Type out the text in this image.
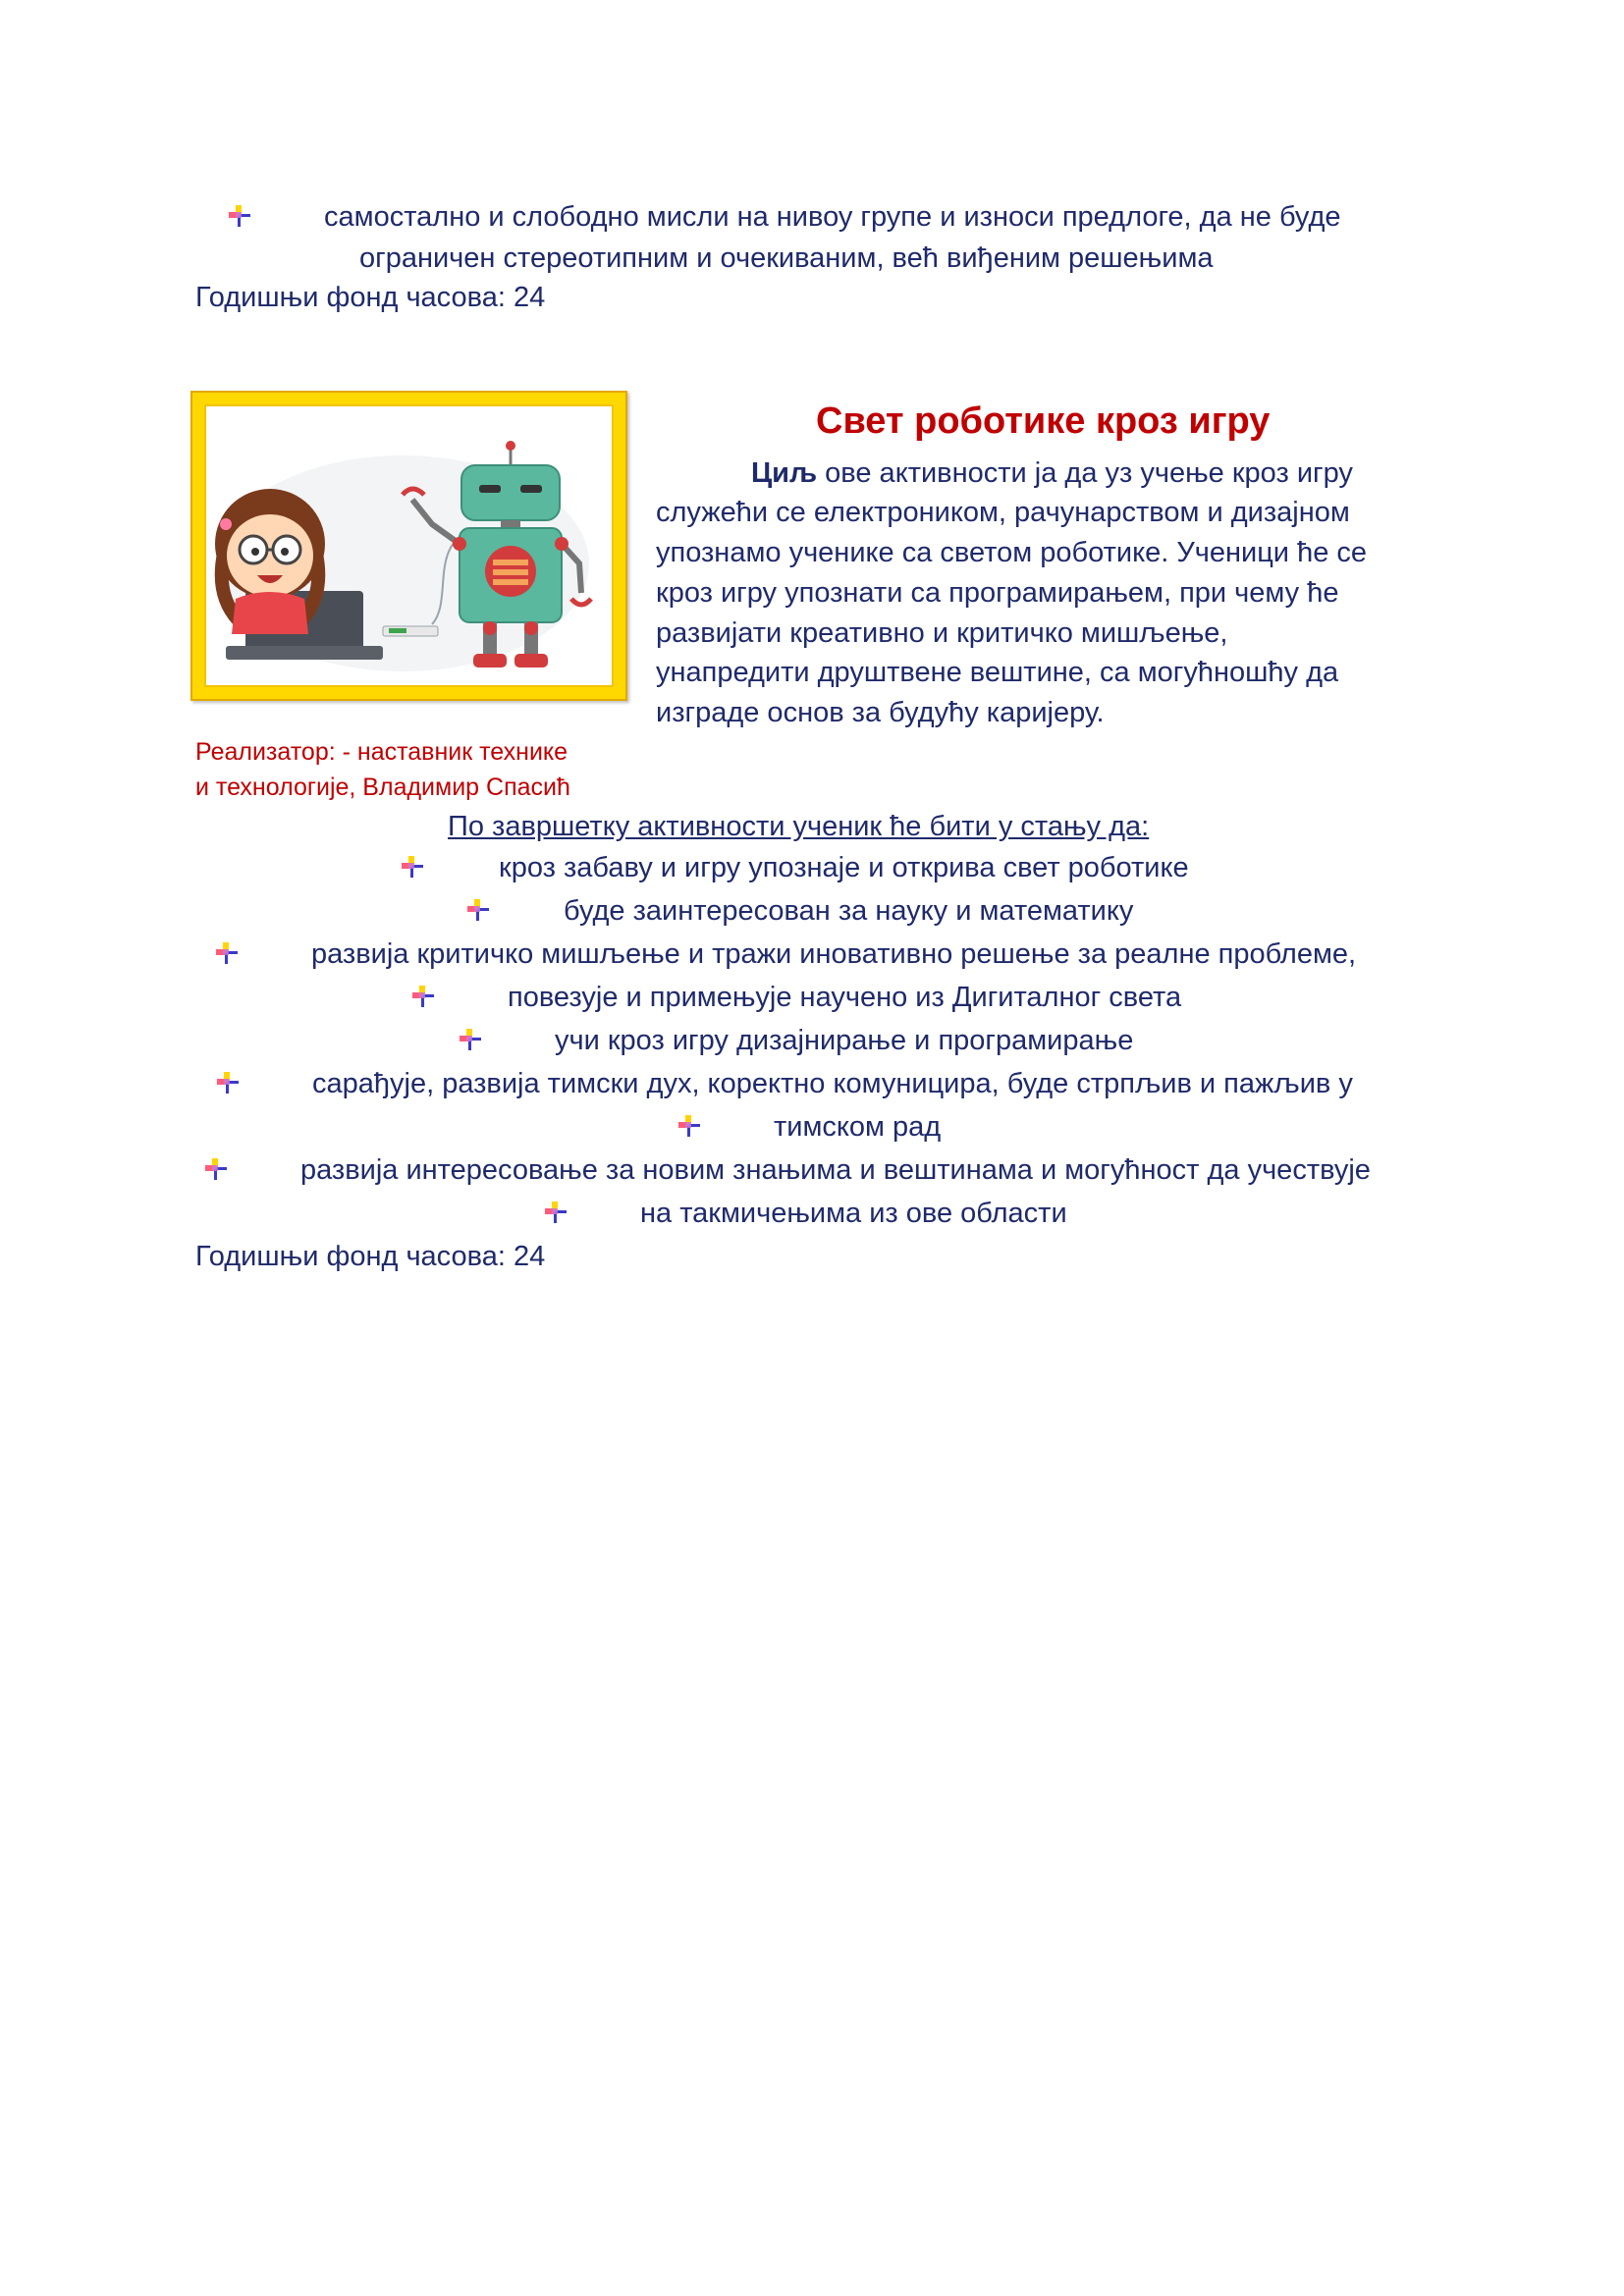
самостално и слободно мисли на нивоу групе и износи предлоге, да не буде
ограничен стереотипним и очекиваним, већ виђеним решењима
Годишњи фонд часова: 24
Свет роботике кроз игру
Циљ ове активности ја да уз учење кроз игру
служећи се електроником, рачунарством и дизајном
упознамо ученике са светом роботике. Ученици ће се
кроз игру упознати са програмирањем, при чему ће
развијати креативно и критичко мишљење,
унапредити друштвене вештине, са могућношћу да
изграде основ за будућу каријеру.
Реализатор: - наставник технике
и технологије, Владимир Спасић
По завршетку активности ученик ће бити у стању да:
кроз забаву и игру упознаје и открива свет роботике
буде заинтересован за науку и математику
развија критичко мишљење и тражи иновативно решење за реалне проблеме,
повезује и примењује научено из Дигиталног света
учи кроз игру дизајнирање и програмирање
сарађује, развија тимски дух, коректно комуницира, буде стрпљив и пажљив у
тимском рад
развија интересовање за новим знањима и вештинама и могућност да учествује
на такмичењима из ове области
Годишњи фонд часова: 24
